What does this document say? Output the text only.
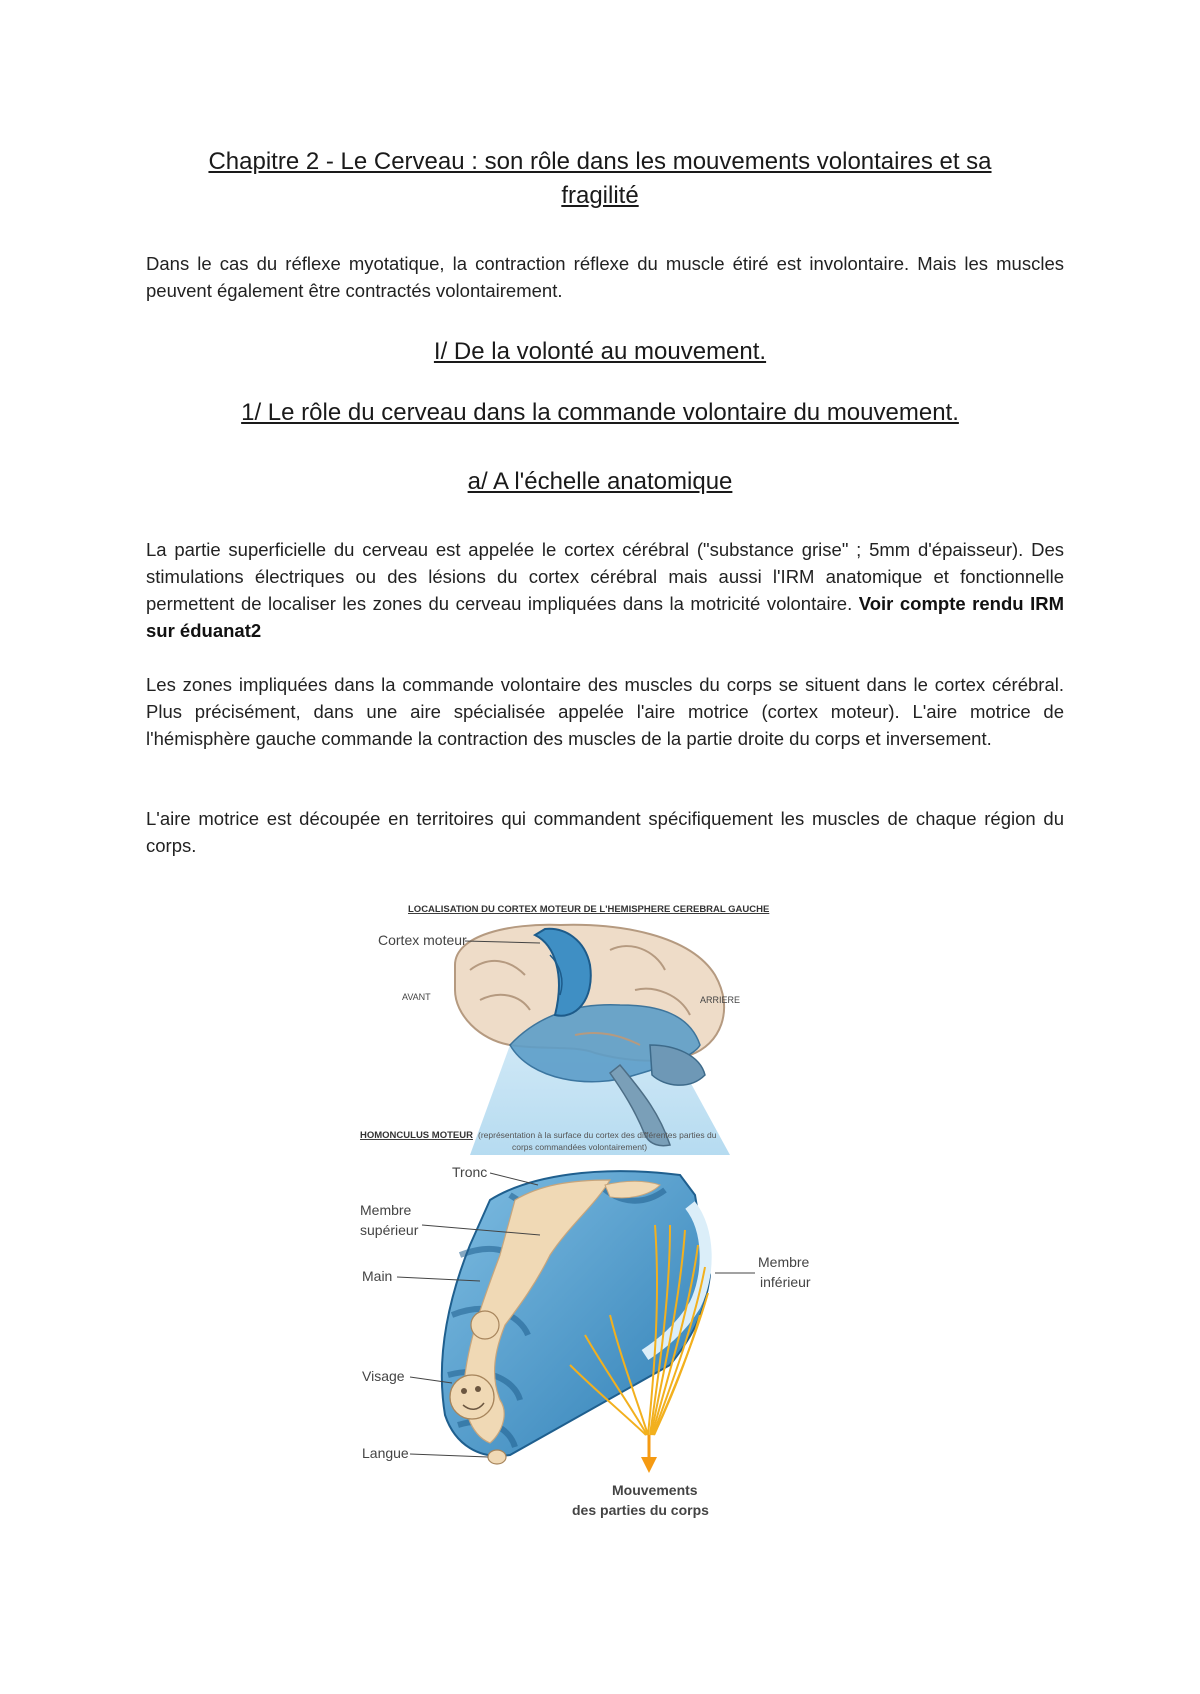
Chapitre 2 - Le Cerveau : son rôle dans les mouvements volontaires et sa
fragilité
Dans le cas du réflexe myotatique, la contraction réflexe du muscle étiré est involontaire. Mais les muscles peuvent également être contractés volontairement.
I/ De la volonté au mouvement.
1/ Le rôle du cerveau dans la commande volontaire du mouvement.
a/ A l'échelle anatomique
La partie superficielle du cerveau est appelée le cortex cérébral ("substance grise" ; 5mm d'épaisseur). Des stimulations électriques ou des lésions du cortex cérébral mais aussi l'IRM anatomique et fonctionnelle permettent de localiser les zones du cerveau impliquées dans la motricité volontaire. Voir compte rendu IRM sur éduanat2
Les zones impliquées dans la commande volontaire des muscles du corps se situent dans le cortex cérébral. Plus précisément, dans une aire spécialisée appelée l'aire motrice (cortex moteur). L'aire motrice de l'hémisphère gauche commande la contraction des muscles de la partie droite du corps et inversement.
L'aire motrice est découpée en territoires qui commandent spécifiquement les muscles de chaque région du corps.
LOCALISATION DU CORTEX MOTEUR DE L'HEMISPHERE CEREBRAL GAUCHE
Cortex moteur
AVANT	ARRIERE
HOMONCULUS MOTEUR (représentation à la surface du cortex des différentes parties du
corps commandées volontairement)
Tronc
Membre
supérieur
Main
Visage
Langue
Membre
inférieur
Mouvements
des parties du corps
